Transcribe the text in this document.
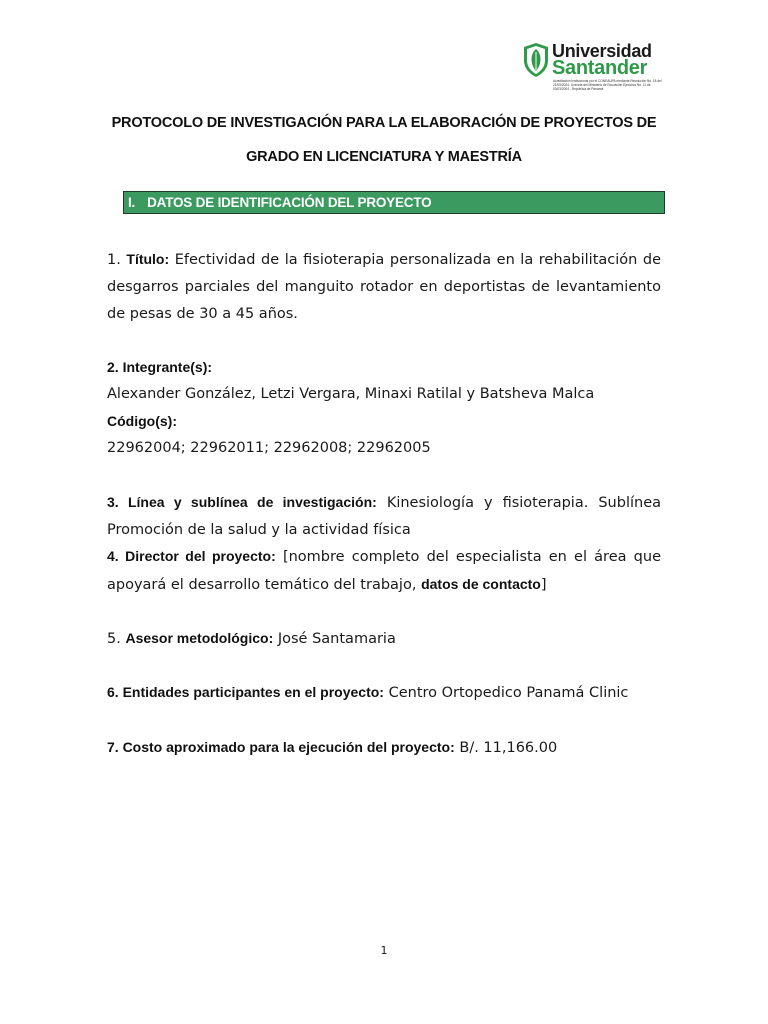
Universidad
Santander
Acreditación Institucional por el CONEAUPA mediante Resolución No. 18 del 21/05/2024. Licencia del Ministerio de Educación Ejecutivo No. 11 de 03/03/2004 - República de Panamá
PROTOCOLO DE INVESTIGACIÓN PARA LA ELABORACIÓN DE PROYECTOS DE
GRADO EN LICENCIATURA Y MAESTRÍA
I. DATOS DE IDENTIFICACIÓN DEL PROYECTO
1. Título: Efectividad de la fisioterapia personalizada en la rehabilitación de desgarros parciales del manguito rotador en deportistas de levantamiento de pesas de 30 a 45 años.
2. Integrante(s):
Alexander González, Letzi Vergara, Minaxi Ratilal y Batsheva Malca
Código(s):
22962004; 22962011; 22962008; 22962005
3. Línea y sublínea de investigación: Kinesiología y fisioterapia. Sublínea Promoción de la salud y la actividad física
4. Director del proyecto: [nombre completo del especialista en el área que apoyará el desarrollo temático del trabajo, datos de contacto]
5. Asesor metodológico: José Santamaria
6. Entidades participantes en el proyecto: Centro Ortopedico Panamá Clinic
7. Costo aproximado para la ejecución del proyecto: B/. 11,166.00
1
